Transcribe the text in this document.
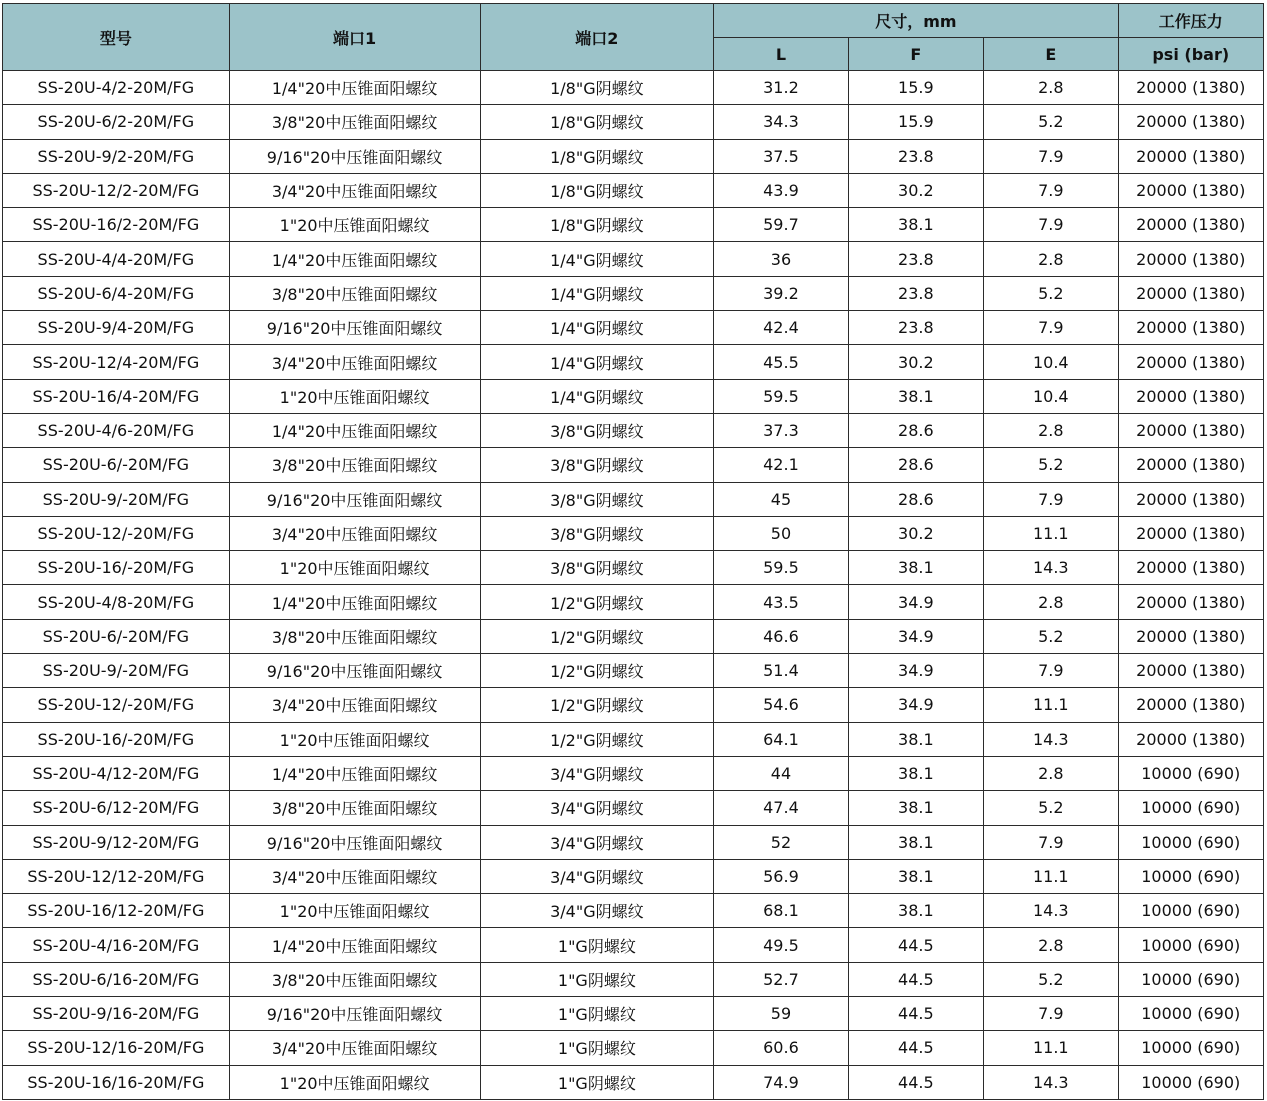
型号	端口1	端口2	尺寸，mm			工作压力
			L	F	E	psi (bar)
SS-20U-4/2-20M/FG	1/4"20中压锥面阳螺纹	1/8"G阴螺纹	31.2	15.9	2.8	20000 (1380)
SS-20U-6/2-20M/FG	3/8"20中压锥面阳螺纹	1/8"G阴螺纹	34.3	15.9	5.2	20000 (1380)
SS-20U-9/2-20M/FG	9/16"20中压锥面阳螺纹	1/8"G阴螺纹	37.5	23.8	7.9	20000 (1380)
SS-20U-12/2-20M/FG	3/4"20中压锥面阳螺纹	1/8"G阴螺纹	43.9	30.2	7.9	20000 (1380)
SS-20U-16/2-20M/FG	1"20中压锥面阳螺纹	1/8"G阴螺纹	59.7	38.1	7.9	20000 (1380)
SS-20U-4/4-20M/FG	1/4"20中压锥面阳螺纹	1/4"G阴螺纹	36	23.8	2.8	20000 (1380)
SS-20U-6/4-20M/FG	3/8"20中压锥面阳螺纹	1/4"G阴螺纹	39.2	23.8	5.2	20000 (1380)
SS-20U-9/4-20M/FG	9/16"20中压锥面阳螺纹	1/4"G阴螺纹	42.4	23.8	7.9	20000 (1380)
SS-20U-12/4-20M/FG	3/4"20中压锥面阳螺纹	1/4"G阴螺纹	45.5	30.2	10.4	20000 (1380)
SS-20U-16/4-20M/FG	1"20中压锥面阳螺纹	1/4"G阴螺纹	59.5	38.1	10.4	20000 (1380)
SS-20U-4/6-20M/FG	1/4"20中压锥面阳螺纹	3/8"G阴螺纹	37.3	28.6	2.8	20000 (1380)
SS-20U-6/-20M/FG	3/8"20中压锥面阳螺纹	3/8"G阴螺纹	42.1	28.6	5.2	20000 (1380)
SS-20U-9/-20M/FG	9/16"20中压锥面阳螺纹	3/8"G阴螺纹	45	28.6	7.9	20000 (1380)
SS-20U-12/-20M/FG	3/4"20中压锥面阳螺纹	3/8"G阴螺纹	50	30.2	11.1	20000 (1380)
SS-20U-16/-20M/FG	1"20中压锥面阳螺纹	3/8"G阴螺纹	59.5	38.1	14.3	20000 (1380)
SS-20U-4/8-20M/FG	1/4"20中压锥面阳螺纹	1/2"G阴螺纹	43.5	34.9	2.8	20000 (1380)
SS-20U-6/-20M/FG	3/8"20中压锥面阳螺纹	1/2"G阴螺纹	46.6	34.9	5.2	20000 (1380)
SS-20U-9/-20M/FG	9/16"20中压锥面阳螺纹	1/2"G阴螺纹	51.4	34.9	7.9	20000 (1380)
SS-20U-12/-20M/FG	3/4"20中压锥面阳螺纹	1/2"G阴螺纹	54.6	34.9	11.1	20000 (1380)
SS-20U-16/-20M/FG	1"20中压锥面阳螺纹	1/2"G阴螺纹	64.1	38.1	14.3	20000 (1380)
SS-20U-4/12-20M/FG	1/4"20中压锥面阳螺纹	3/4"G阴螺纹	44	38.1	2.8	10000 (690)
SS-20U-6/12-20M/FG	3/8"20中压锥面阳螺纹	3/4"G阴螺纹	47.4	38.1	5.2	10000 (690)
SS-20U-9/12-20M/FG	9/16"20中压锥面阳螺纹	3/4"G阴螺纹	52	38.1	7.9	10000 (690)
SS-20U-12/12-20M/FG	3/4"20中压锥面阳螺纹	3/4"G阴螺纹	56.9	38.1	11.1	10000 (690)
SS-20U-16/12-20M/FG	1"20中压锥面阳螺纹	3/4"G阴螺纹	68.1	38.1	14.3	10000 (690)
SS-20U-4/16-20M/FG	1/4"20中压锥面阳螺纹	1"G阴螺纹	49.5	44.5	2.8	10000 (690)
SS-20U-6/16-20M/FG	3/8"20中压锥面阳螺纹	1"G阴螺纹	52.7	44.5	5.2	10000 (690)
SS-20U-9/16-20M/FG	9/16"20中压锥面阳螺纹	1"G阴螺纹	59	44.5	7.9	10000 (690)
SS-20U-12/16-20M/FG	3/4"20中压锥面阳螺纹	1"G阴螺纹	60.6	44.5	11.1	10000 (690)
SS-20U-16/16-20M/FG	1"20中压锥面阳螺纹	1"G阴螺纹	74.9	44.5	14.3	10000 (690)
